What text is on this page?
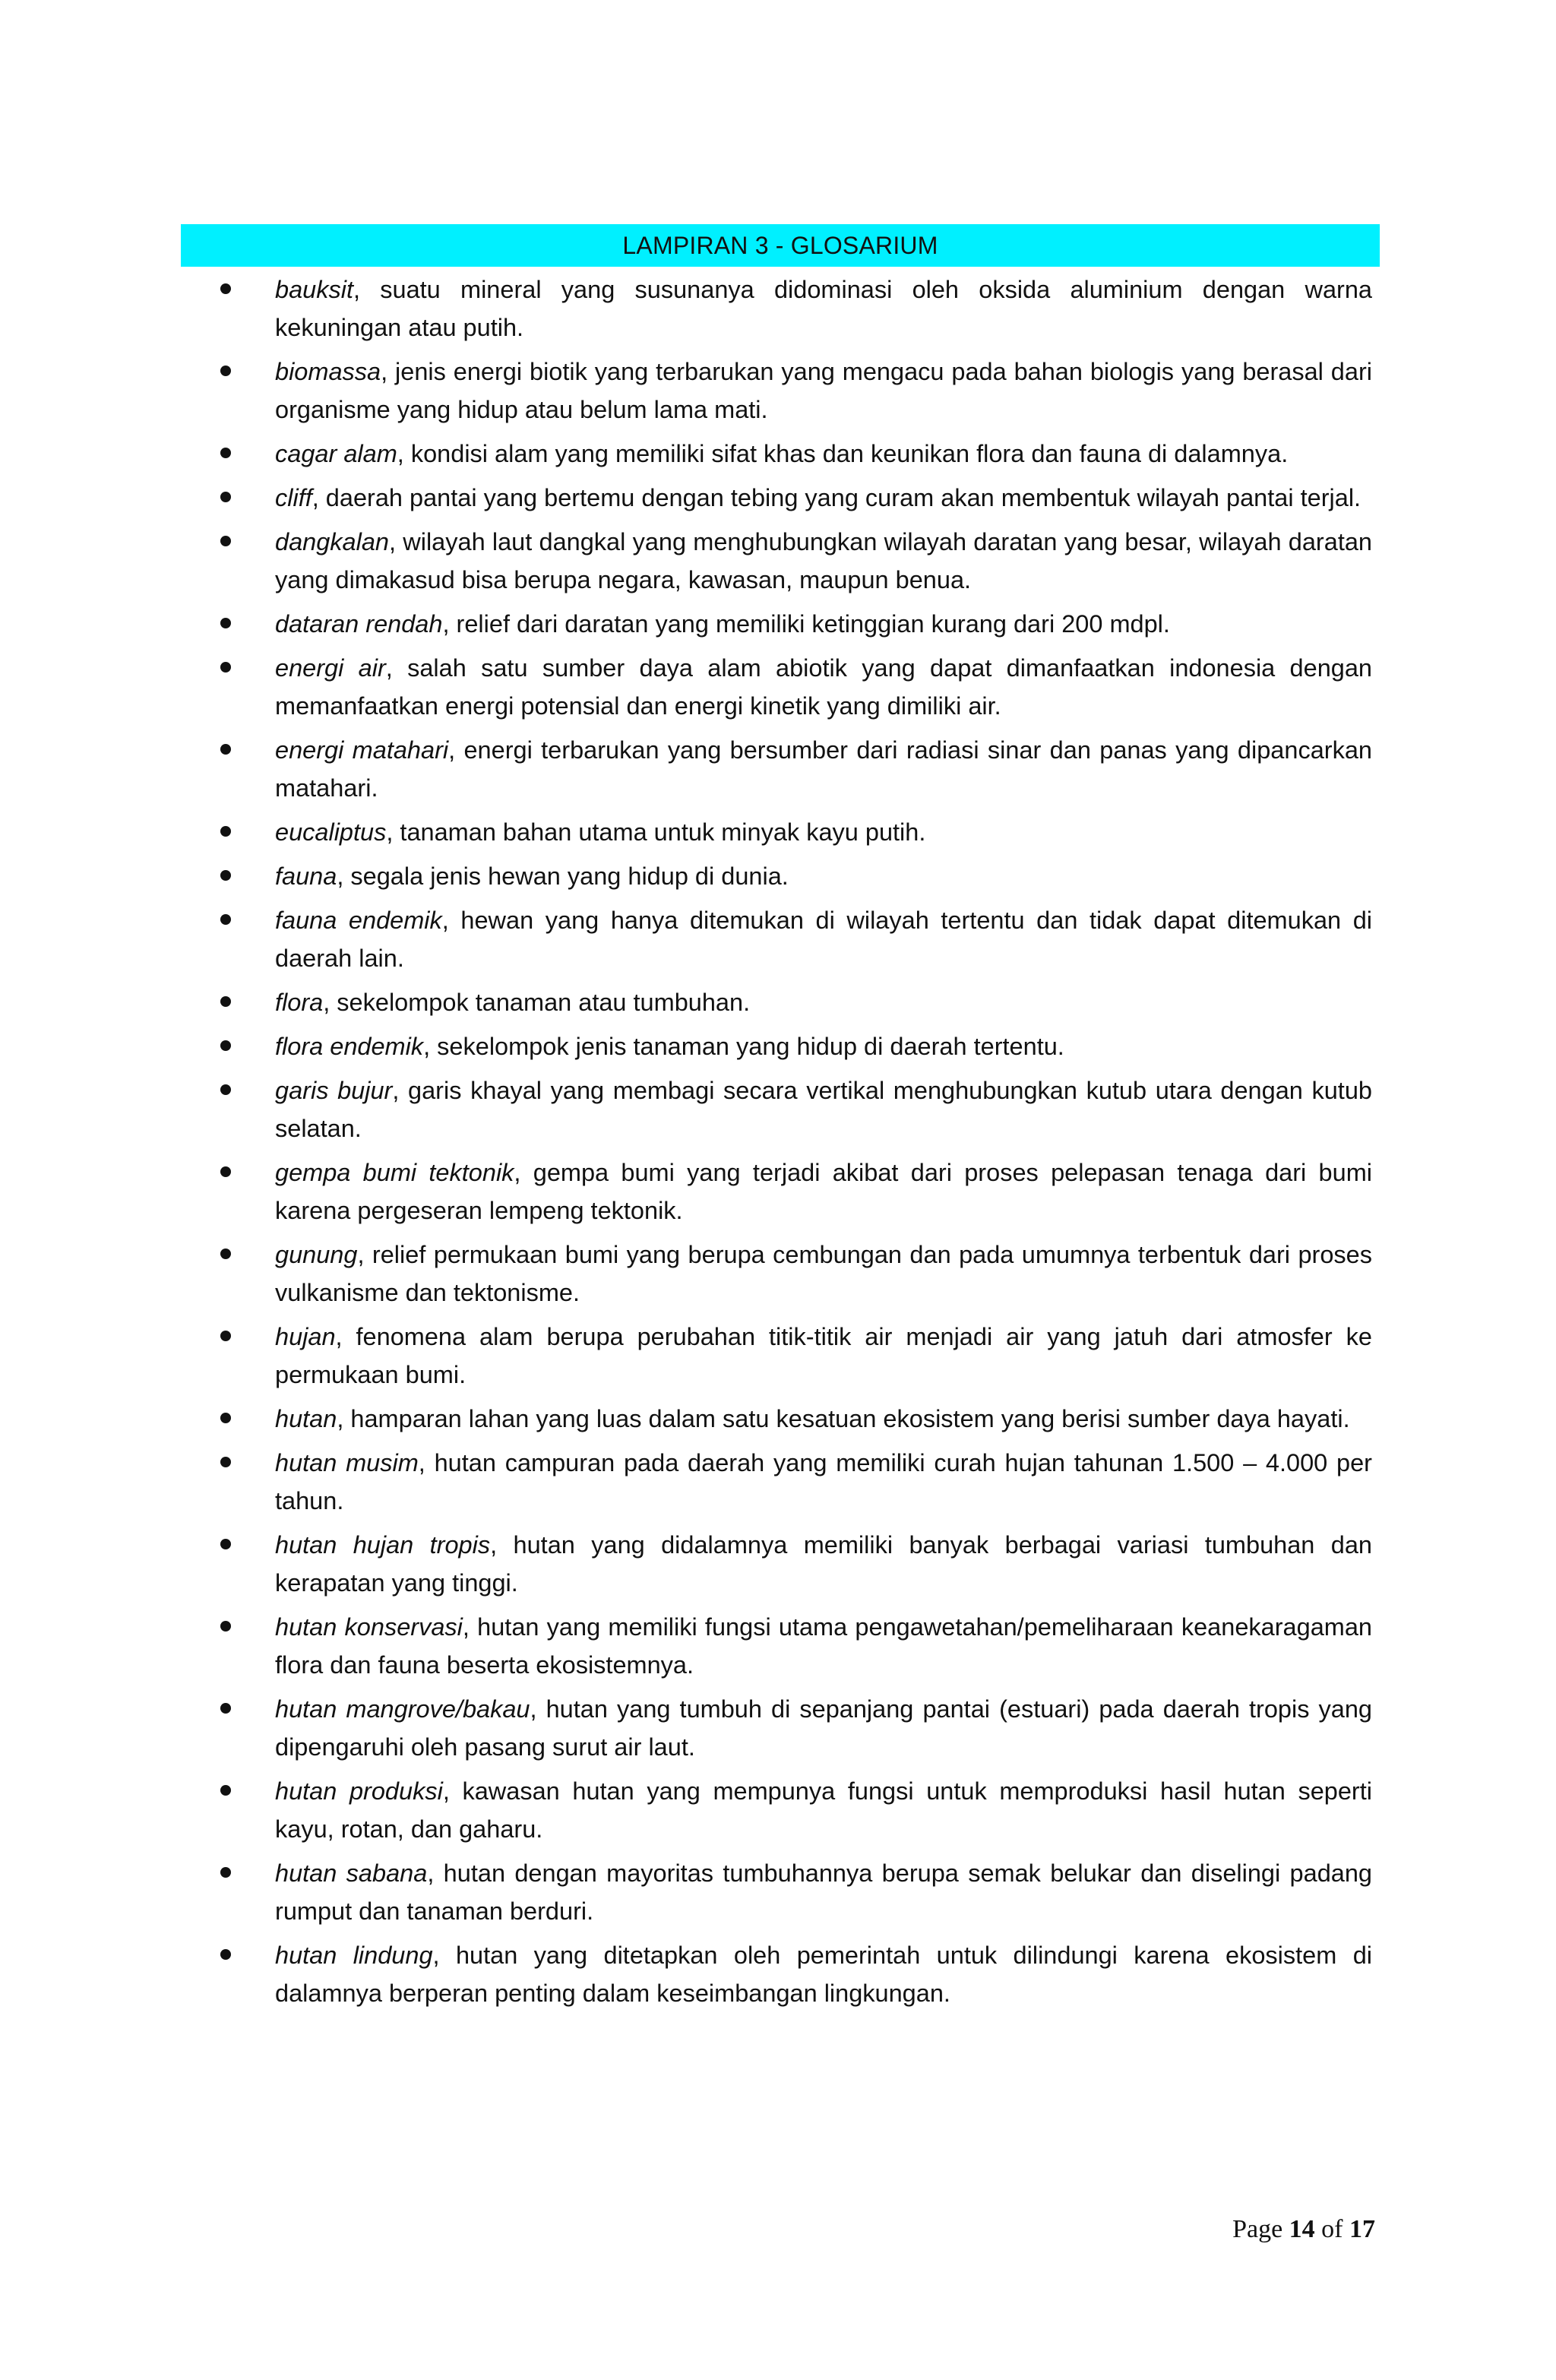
LAMPIRAN 3 - GLOSARIUM
bauksit, suatu mineral yang susunanya didominasi oleh oksida aluminium dengan warna kekuningan atau putih.
biomassa, jenis energi biotik yang terbarukan yang mengacu pada bahan biologis yang berasal dari organisme yang hidup atau belum lama mati.
cagar alam, kondisi alam yang memiliki sifat khas dan keunikan flora dan fauna di dalamnya.
cliff, daerah pantai yang bertemu dengan tebing yang curam akan membentuk wilayah pantai terjal.
dangkalan, wilayah laut dangkal yang menghubungkan wilayah daratan yang besar, wilayah daratan yang dimakasud bisa berupa negara, kawasan, maupun benua.
dataran rendah, relief dari daratan yang memiliki ketinggian kurang dari 200 mdpl.
energi air, salah satu sumber daya alam abiotik yang dapat dimanfaatkan indonesia dengan memanfaatkan energi potensial dan energi kinetik yang dimiliki air.
energi matahari, energi terbarukan yang bersumber dari radiasi sinar dan panas yang dipancarkan matahari.
eucaliptus, tanaman bahan utama untuk minyak kayu putih.
fauna, segala jenis hewan yang hidup di dunia.
fauna endemik, hewan yang hanya ditemukan di wilayah tertentu dan tidak dapat ditemukan di daerah lain.
flora, sekelompok tanaman atau tumbuhan.
flora endemik, sekelompok jenis tanaman yang hidup di daerah tertentu.
garis bujur, garis khayal yang membagi secara vertikal menghubungkan kutub utara dengan kutub selatan.
gempa bumi tektonik, gempa bumi yang terjadi akibat dari proses pelepasan tenaga dari bumi karena pergeseran lempeng tektonik.
gunung, relief permukaan bumi yang berupa cembungan dan pada umumnya terbentuk dari proses vulkanisme dan tektonisme.
hujan, fenomena alam berupa perubahan titik-titik air menjadi air yang jatuh dari atmosfer ke permukaan bumi.
hutan, hamparan lahan yang luas dalam satu kesatuan ekosistem yang berisi sumber daya hayati.
hutan musim, hutan campuran pada daerah yang memiliki curah hujan tahunan 1.500 – 4.000 per tahun.
hutan hujan tropis, hutan yang didalamnya memiliki banyak berbagai variasi tumbuhan dan kerapatan yang tinggi.
hutan konservasi, hutan yang memiliki fungsi utama pengawetahan/pemeliharaan keanekaragaman flora dan fauna beserta ekosistemnya.
hutan mangrove/bakau, hutan yang tumbuh di sepanjang pantai (estuari) pada daerah tropis yang dipengaruhi oleh pasang surut air laut.
hutan produksi, kawasan hutan yang mempunya fungsi untuk memproduksi hasil hutan seperti kayu, rotan, dan gaharu.
hutan sabana, hutan dengan mayoritas tumbuhannya berupa semak belukar dan diselingi padang rumput dan tanaman berduri.
hutan lindung, hutan yang ditetapkan oleh pemerintah untuk dilindungi karena ekosistem di dalamnya berperan penting dalam keseimbangan lingkungan.
Page 14 of 17
